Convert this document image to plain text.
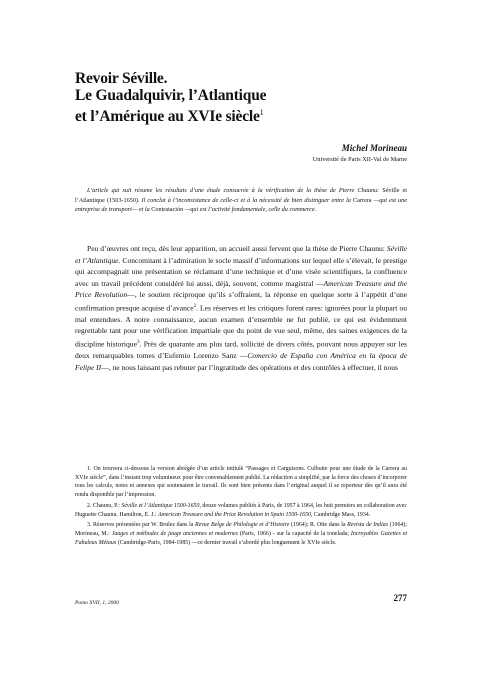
Revoir Séville.
Le Guadalquivir, l’Atlantique
et l’Amérique au XVIe siècle$^1$
Michel Morineau
Université de Paris XII-Val de Marne
L’article qui suit résume les résultats d’une étude consacrée à la vérification de la thèse de Pierre Chaunu: Séville et l’Atlantique (1503-1650). Il conclut à l’inconsistance de celle-ci et à la nécessité de bien distinguer entre la Carrera —qui est une entreprise de transport— et la Contratación —qui est l’activité fondamentale, celle du commerce.

Peu d’œuvres ont reçu, dès leur apparition, un accueil aussi fervent que la thèse de Pierre Chaunu: Séville et l’Atlantique. Concomitant à l’admiration le socle massif d’informations sur lequel elle s’élevait, le prestige qui accompagnait une présentation se réclamant d’une technique et d’une visée scientifiques, la confluence avec un travail précédent considéré lui aussi, déjà, souvent, comme magistral —American Treasure and the Price Revolution—, le soutien réciproque qu’ils s’offraient, la réponse en quelque sorte à l’appétit d’une confirmation presque acquise d’avance$^2$. Les réserves et les critiques furent rares: ignorées pour la plupart ou mal entendues. A notre connaissance, aucun examen d’ensemble ne fut publié, ce qui est évidemment regrettable tant pour une vérification impartiale que du point de vue seul, même, des saines exigences de la discipline historique$^3$. Près de quarante ans plus tard, sollicité de divers côtés, pouvant nous appuyer sur les deux remarquables tomes d’Eufemio Lorenzo Sanz —Comercio de España con América en la época de Felipe II—, ne nous laissant pas rebuter par l’ingratitude des opérations et des contrôles à effectuer, il nous

1. On trouvera ci-dessous la version abrégée d’un article intitulé “Passages et Carguisons. Culbutte pour une étude de la Carrera au XVIe siècle”, dans l’instant trop volumineux pour être convenablement publié. La rédaction a simplifié, par la force des choses d’incorporer tous les calculs, notes et annexes qui soutenaient le travail. Ils sont bien présents dans l’original auquel il se reporteur dès qu’il aura été rendu disponible par l’impression.
2. Chaunu, P.: Séville et l’Atlantique 1500-1650, douze volumes publiés à Paris, de 1957 à 1964, les huit premiers en collaboration avec Huguette Chaunu. Hamilton, E. J.: American Treasure and the Price Revolution in Spain 1500-1650, Cambridge Mass, 1934.
3. Réserves présentées par W. Brulez dans la Revue Belge de Philologie et d’Histoire (1964); R. Otte dans la Revista de Indias (1964); Morineau, M.: Jauges et méthodes de jauge anciennes et modernes (Paris, 1966) - sur la capacité de la tonelada; Incroyables Gazettes et Fabuleux Métaux (Cambridge-Paris, 1984-1985) —ce dernier travail s’abordé plus longuement le XVIe siècle.
Pomo XVII, 1, 2000	277
